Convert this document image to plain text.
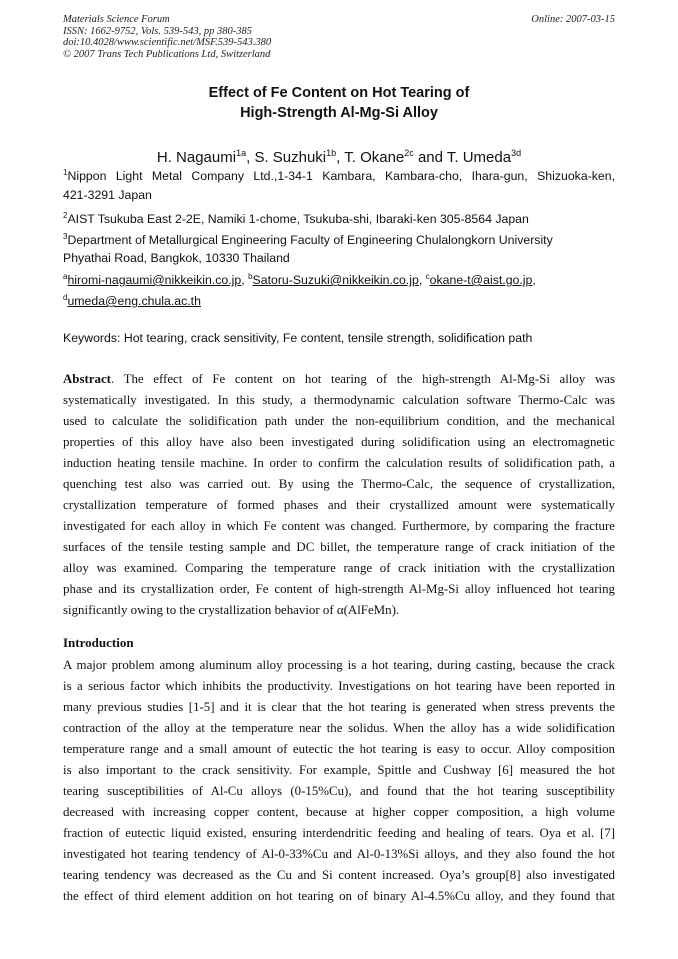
Materials Science Forum
ISSN: 1662-9752, Vols. 539-543, pp 380-385
doi:10.4028/www.scientific.net/MSF.539-543.380
© 2007 Trans Tech Publications Ltd, Switzerland
Online: 2007-03-15
Effect of Fe Content on Hot Tearing of
High-Strength Al-Mg-Si Alloy
H. Nagaumi$^{1a}$, S. Suzhuki$^{1b}$, T. Okane$^{2c}$ and T. Umeda$^{3d}$
$^1$Nippon Light Metal Company Ltd.,1-34-1 Kambara, Kambara-cho, Ihara-gun, Shizuoka-ken,
421-3291 Japan
$^2$AIST Tsukuba East 2-2E, Namiki 1-chome, Tsukuba-shi, Ibaraki-ken 305-8564 Japan
$^3$Department of Metallurgical Engineering Faculty of Engineering Chulalongkorn University
Phyathai Road, Bangkok, 10330 Thailand
$^a$hiromi-nagaumi@nikkeikin.co.jp, $^b$Satoru-Suzuki@nikkeikin.co.jp, $^c$okane-t@aist.go.jp,
$^d$umeda@eng.chula.ac.th
Keywords: Hot tearing, crack sensitivity, Fe content, tensile strength, solidification path
Abstract. The effect of Fe content on hot tearing of the high-strength Al-Mg-Si alloy was
systematically investigated. In this study, a thermodynamic calculation software Thermo-Calc was
used to calculate the solidification path under the non-equilibrium condition, and the mechanical
properties of this alloy have also been investigated during solidification using an electromagnetic
induction heating tensile machine. In order to confirm the calculation results of solidification path, a
quenching test also was carried out. By using the Thermo-Calc, the sequence of crystallization,
crystallization temperature of formed phases and their crystallized amount were systematically
investigated for each alloy in which Fe content was changed. Furthermore, by comparing the fracture
surfaces of the tensile testing sample and DC billet, the temperature range of crack initiation of the
alloy was examined. Comparing the temperature range of crack initiation with the crystallization
phase and its crystallization order, Fe content of high-strength Al-Mg-Si alloy influenced hot tearing
significantly owing to the crystallization behavior of α(AlFeMn).
Introduction
A major problem among aluminum alloy processing is a hot tearing, during casting, because the crack
is a serious factor which inhibits the productivity. Investigations on hot tearing have been reported in
many previous studies [1-5] and it is clear that the hot tearing is generated when stress prevents the
contraction of the alloy at the temperature near the solidus. When the alloy has a wide solidification
temperature range and a small amount of eutectic the hot tearing is easy to occur. Alloy composition
is also important to the crack sensitivity. For example, Spittle and Cushway [6] measured the hot
tearing susceptibilities of Al-Cu alloys (0-15%Cu), and found that the hot tearing susceptibility
decreased with increasing copper content, because at higher copper composition, a high volume
fraction of eutectic liquid existed, ensuring interdendritic feeding and healing of tears. Oya et al. [7]
investigated hot tearing tendency of Al-0-33%Cu and Al-0-13%Si alloys, and they also found the hot
tearing tendency was decreased as the Cu and Si content increased. Oya’s group[8] also investigated
the effect of third element addition on hot tearing on of binary Al-4.5%Cu alloy, and they found that
